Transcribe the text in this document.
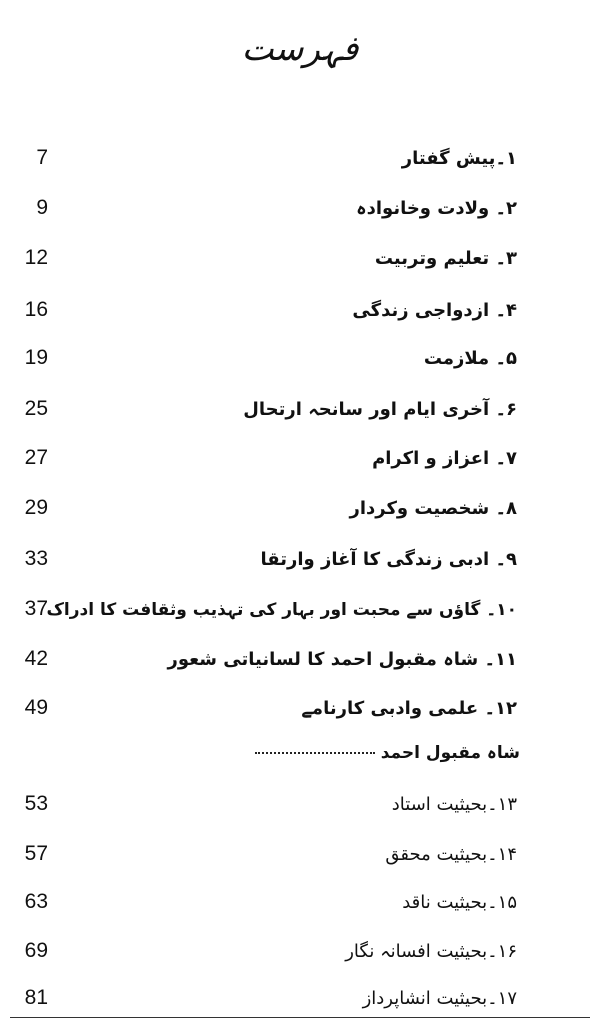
فہرست
۱۔پیش گفتار
7
۲۔ ولادت وخانوادہ
9
۳۔ تعلیم وتربیت
12
۴۔ ازدواجی زندگی
16
۵۔ ملازمت
19
۶۔ آخری ایام اور سانحہ ارتحال
25
۷۔ اعزاز و اکرام
27
۸۔ شخصیت وکردار
29
۹۔ ادبی زندگی کا آغاز وارتقا
33
۱۰۔ گاؤں سے محبت اور بہار کی تہذیب وثقافت کا ادراک
37
۱۱۔ شاہ مقبول احمد کا لسانیاتی شعور
42
۱۲۔ علمی وادبی کارنامے
49
شاہ مقبول احمد
۱۳۔بحیثیت استاد
53
۱۴۔بحیثیت محقق
57
۱۵۔بحیثیت ناقد
63
۱۶۔بحیثیت افسانہ نگار
69
۱۷۔بحیثیت انشاپرداز
81
